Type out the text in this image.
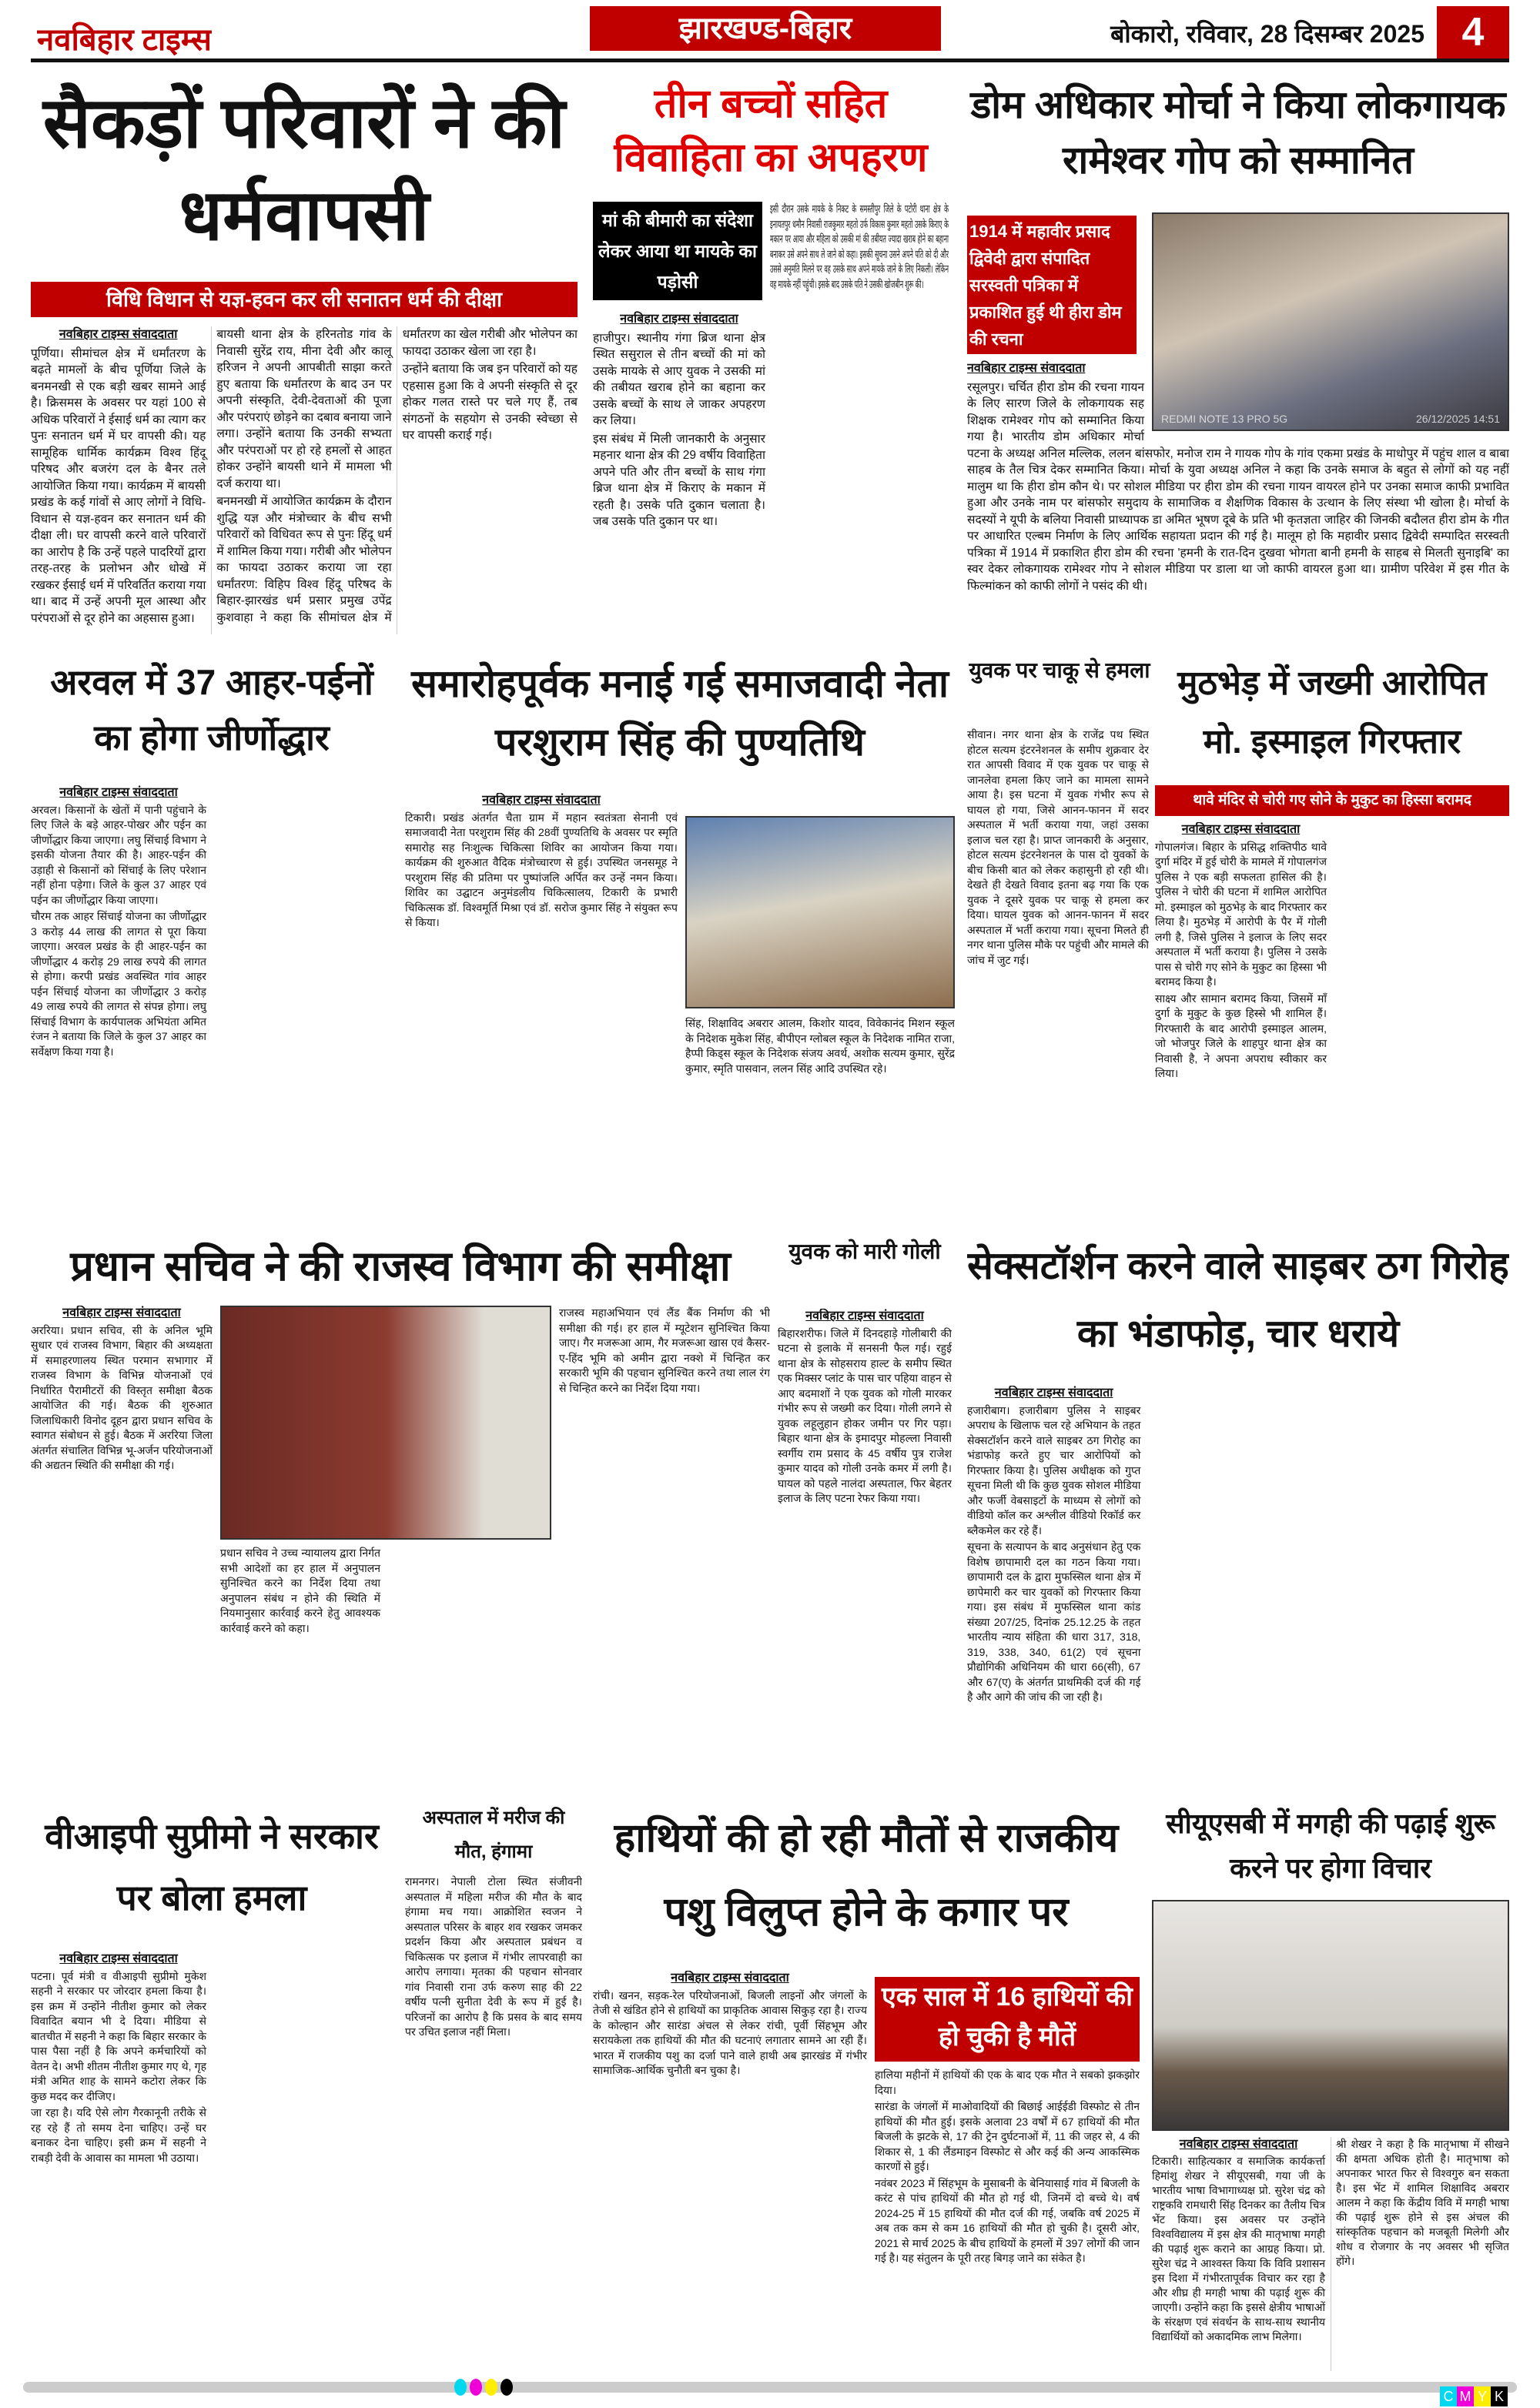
नवबिहार टाइम्स	झारखण्ड-बिहार	बोकारो, रविवार, 28 दिसम्बर 2025 4
सैकड़ों परिवारों ने की धर्मवापसी
विधि विधान से यज्ञ-हवन कर ली सनातन धर्म की दीक्षा
नवबिहार टाइम्स संवाददाता

पूर्णिया। सीमांचल क्षेत्र में धर्मांतरण के बढ़ते मामलों के बीच पूर्णिया जिले के बनमनखी से एक बड़ी खबर सामने आई है। क्रिसमस के अवसर पर यहां 100 से अधिक परिवारों ने ईसाई धर्म का त्याग कर पुनः सनातन धर्म में घर वापसी की। यह सामूहिक धार्मिक कार्यक्रम विश्व हिंदू परिषद और बजरंग दल के बैनर तले आयोजित किया गया। कार्यक्रम में बायसी प्रखंड के कई गांवों से आए लोगों ने विधि-विधान से यज्ञ-हवन कर सनातन धर्म की दीक्षा ली। घर वापसी करने वाले परिवारों का आरोप है कि उन्हें पहले पादरियों द्वारा तरह-तरह के प्रलोभन और धोखे में रखकर ईसाई धर्म में परिवर्तित कराया गया था। बाद में उन्हें अपनी मूल आस्था और परंपराओं से दूर होने का अहसास हुआ।

बायसी थाना क्षेत्र के हरिनतोड गांव के निवासी सुरेंद्र राय, मीना देवी और कालू हरिजन ने अपनी आपबीती साझा करते हुए बताया कि धर्मांतरण के बाद उन पर अपनी संस्कृति, देवी-देवताओं की पूजा और परंपराएं छोड़ने का दबाव बनाया जाने लगा। उन्होंने बताया कि उनकी सभ्यता और परंपराओं पर हो रहे हमलों से आहत होकर उन्होंने बायसी थाने में मामला भी दर्ज कराया था।

बनमनखी में आयोजित कार्यक्रम के दौरान शुद्धि यज्ञ और मंत्रोच्चार के बीच सभी परिवारों को विधिवत रूप से पुनः हिंदू धर्म में शामिल किया गया। गरीबी और भोलेपन का फायदा उठाकर कराया जा रहा धर्मांतरण: विहिप विश्व हिंदू परिषद के बिहार-झारखंड धर्म प्रसार प्रमुख उपेंद्र कुशवाहा ने कहा कि सीमांचल क्षेत्र में धर्मांतरण का खेल गरीबी और भोलेपन का फायदा उठाकर खेला जा रहा है।

उन्होंने बताया कि जब इन परिवारों को यह एहसास हुआ कि वे अपनी संस्कृति से दूर होकर गलत रास्ते पर चले गए हैं, तब संगठनों के सहयोग से उनकी स्वेच्छा से घर वापसी कराई गई।

तीन बच्चों सहित विवाहिता का अपहरण
मां की बीमारी का संदेशा लेकर आया था मायके का पड़ोसी

इसी दौरान उसके मायके के निकट के समस्तीपुर जिले के पटोरी थाना क्षेत्र के इनायतपुर धमौन निवासी राजकुमार महतो उर्फ विकास कुमार महतो उसके किराए के मकान पर आया और महिला को उसकी मां की तबीयत ज्यादा खराब होने का बहाना बनाकर उसे अपने साथ ले जाने को कहा। इसकी सूचना उसने अपने पति को दी और उससे अनुमति मिलने पर वह उसके साथ अपने मायके जाने के लिए निकली। लेकिन वह मायके नहीं पहुंची। इसके बाद उसके पति ने उसकी खोजबीन शुरू की।

नवबिहार टाइम्स संवाददाता

हाजीपुर। स्थानीय गंगा ब्रिज थाना क्षेत्र स्थित ससुराल से तीन बच्चों की मां को उसके मायके से आए युवक ने उसकी मां की तबीयत खराब होने का बहाना कर उसके बच्चों के साथ ले जाकर अपहरण कर लिया।

इस संबंध में मिली जानकारी के अनुसार महनार थाना क्षेत्र की 29 वर्षीय विवाहिता अपने पति और तीन बच्चों के साथ गंगा ब्रिज थाना क्षेत्र में किराए के मकान में रहती है। उसके पति दुकान चलाता है। जब उसके पति दुकान पर था।

डोम अधिकार मोर्चा ने किया लोकगायक रामेश्वर गोप को सम्मानित
1914 में महावीर प्रसाद द्विवेदी द्वारा संपादित सरस्वती पत्रिका में प्रकाशित हुई थी हीरा डोम की रचना
REDMI NOTE 13 PRO 5G	26/12/2025 14:51
नवबिहार टाइम्स संवाददाता

रसूलपुर। चर्चित हीरा डोम की रचना गायन के लिए सारण जिले के लोकगायक सह शिक्षक रामेश्वर गोप को सम्मानित किया गया है। भारतीय डोम अधिकार मोर्चा पटना के अध्यक्ष अनिल मल्लिक, ललन बांसफोर, मनोज राम ने गायक गोप के गांव एकमा प्रखंड के माधोपुर में पहुंच शाल व बाबा साहब के तैल चित्र देकर सम्मानित किया। मोर्चा के युवा अध्यक्ष अनिल ने कहा कि उनके समाज के बहुत से लोगों को यह नहीं मालुम था कि हीरा डोम कौन थे। पर सोशल मीडिया पर हीरा डोम की रचना गायन वायरल होने पर उनका समाज काफी प्रभावित हुआ और उनके नाम पर बांसफोर समुदाय के सामाजिक व शैक्षणिक विकास के उत्थान के लिए संस्था भी खोला है। मोर्चा के सदस्यों ने यूपी के बलिया निवासी प्राध्यापक डा अमित भूषण दूबे के प्रति भी कृतज्ञता जाहिर की जिनकी बदौलत हीरा डोम के गीत पर आधारित एल्बम निर्माण के लिए आर्थिक सहायता प्रदान की गई है। मालूम हो कि महावीर प्रसाद द्विवेदी सम्पादित सरस्वती पत्रिका में 1914 में प्रकाशित हीरा डोम की रचना 'हमनी के रात-दिन दुखवा भोगता बानी हमनी के साहब से मिलती सुनाइबि' का स्वर देकर लोकगायक रामेश्वर गोप ने सोशल मीडिया पर डाला था जो काफी वायरल हुआ था। ग्रामीण परिवेश में इस गीत के फिल्मांकन को काफी लोगों ने पसंद की थी।

अरवल में 37 आहर-पईनों का होगा जीर्णोद्धार
नवबिहार टाइम्स संवाददाता

अरवल। किसानों के खेतों में पानी पहुंचाने के लिए जिले के बड़े आहर-पोखर और पईन का जीर्णोद्धार किया जाएगा। लघु सिंचाई विभाग ने इसकी योजना तैयार की है। आहर-पईन की उड़ाही से किसानों को सिंचाई के लिए परेशान नहीं होना पड़ेगा। जिले के कुल 37 आहर एवं पईन का जीर्णोद्धार किया जाएगा।

चौरम तक आहर सिंचाई योजना का जीर्णोद्धार 3 करोड़ 44 लाख की लागत से पूरा किया जाएगा। अरवल प्रखंड के ही आहर-पईन का जीर्णोद्धार 4 करोड़ 29 लाख रुपये की लागत से होगा। करपी प्रखंड अवस्थित गांव आहर पईन सिंचाई योजना का जीर्णोद्धार 3 करोड़ 49 लाख रुपये की लागत से संपन्न होगा। लघु सिंचाई विभाग के कार्यपालक अभियंता अमित रंजन ने बताया कि जिले के कुल 37 आहर का सर्वेक्षण किया गया है।

समारोहपूर्वक मनाई गई समाजवादी नेता परशुराम सिंह की पुण्यतिथि
नवबिहार टाइम्स संवाददाता

टिकारी। प्रखंड अंतर्गत चैता ग्राम में महान स्वतंत्रता सेनानी एवं समाजवादी नेता परशुराम सिंह की 28वीं पुण्यतिथि के अवसर पर स्मृति समारोह सह निःशुल्क चिकित्सा शिविर का आयोजन किया गया। कार्यक्रम की शुरुआत वैदिक मंत्रोच्चारण से हुई। उपस्थित जनसमूह ने परशुराम सिंह की प्रतिमा पर पुष्पांजलि अर्पित कर उन्हें नमन किया। शिविर का उद्घाटन अनुमंडलीय चिकित्सालय, टिकारी के प्रभारी चिकित्सक डॉ. विश्वमूर्ति मिश्रा एवं डॉ. सरोज कुमार सिंह ने संयुक्त रूप से किया।

सिंह, शिक्षाविद अबरार आलम, किशोर यादव, विवेकानंद मिशन स्कूल के निदेशक मुकेश सिंह, बीपीएन ग्लोबल स्कूल के निदेशक नामित राजा, हैप्पी किड्स स्कूल के निदेशक संजय अवर्थ, अशोक सत्यम कुमार, सुरेंद्र कुमार, स्मृति पासवान, ललन सिंह आदि उपस्थित रहे।

युवक पर चाकू से हमला

सीवान। नगर थाना क्षेत्र के राजेंद्र पथ स्थित होटल सत्यम इंटरनेशनल के समीप शुक्रवार देर रात आपसी विवाद में एक युवक पर चाकू से जानलेवा हमला किए जाने का मामला सामने आया है। इस घटना में युवक गंभीर रूप से घायल हो गया, जिसे आनन-फानन में सदर अस्पताल में भर्ती कराया गया, जहां उसका इलाज चल रहा है। प्राप्त जानकारी के अनुसार, होटल सत्यम इंटरनेशनल के पास दो युवकों के बीच किसी बात को लेकर कहासुनी हो रही थी। देखते ही देखते विवाद इतना बढ़ गया कि एक युवक ने दूसरे युवक पर चाकू से हमला कर दिया। घायल युवक को आनन-फानन में सदर अस्पताल में भर्ती कराया गया। सूचना मिलते ही नगर थाना पुलिस मौके पर पहुंची और मामले की जांच में जुट गई।

मुठभेड़ में जख्मी आरोपित मो. इस्माइल गिरफ्तार
थावे मंदिर से चोरी गए सोने के मुकुट का हिस्सा बरामद
नवबिहार टाइम्स संवाददाता

गोपालगंज। बिहार के प्रसिद्ध शक्तिपीठ थावे दुर्गा मंदिर में हुई चोरी के मामले में गोपालगंज पुलिस ने एक बड़ी सफलता हासिल की है। पुलिस ने चोरी की घटना में शामिल आरोपित मो. इस्माइल को मुठभेड़ के बाद गिरफ्तार कर लिया है। मुठभेड़ में आरोपी के पैर में गोली लगी है, जिसे पुलिस ने इलाज के लिए सदर अस्पताल में भर्ती कराया है। पुलिस ने उसके पास से चोरी गए सोने के मुकुट का हिस्सा भी बरामद किया है।

साक्ष्य और सामान बरामद किया, जिसमें माँ दुर्गा के मुकुट के कुछ हिस्से भी शामिल हैं। गिरफ्तारी के बाद आरोपी इस्माइल आलम, जो भोजपुर जिले के शाहपुर थाना क्षेत्र का निवासी है, ने अपना अपराध स्वीकार कर लिया।

प्रधान सचिव ने की राजस्व विभाग की समीक्षा
नवबिहार टाइम्स संवाददाता

अररिया। प्रधान सचिव, सी के अनिल भूमि सुधार एवं राजस्व विभाग, बिहार की अध्यक्षता में समाहरणालय स्थित परमान सभागार में राजस्व विभाग के विभिन्न योजनाओं एवं निर्धारित पैरामीटरों की विस्तृत समीक्षा बैठक आयोजित की गई। बैठक की शुरुआत जिलाधिकारी विनोद दूहन द्वारा प्रधान सचिव के स्वागत संबोधन से हुई। बैठक में अररिया जिला अंतर्गत संचालित विभिन्न भू-अर्जन परियोजनाओं की अद्यतन स्थिति की समीक्षा की गई।

प्रधान सचिव ने उच्च न्यायालय द्वारा निर्गत सभी आदेशों का हर हाल में अनुपालन सुनिश्चित करने का निर्देश दिया तथा अनुपालन संबंध न होने की स्थिति में नियमानुसार कार्रवाई करने हेतु आवश्यक कार्रवाई करने को कहा।

राजस्व महाअभियान एवं लैंड बैंक निर्माण की भी समीक्षा की गई। हर हाल में म्यूटेशन सुनिश्चित किया जाए। गैर मजरूआ आम, गैर मजरूआ खास एवं कैसर-ए-हिंद भूमि को अमीन द्वारा नक्शे में चिन्हित कर सरकारी भूमि की पहचान सुनिश्चित करने तथा लाल रंग से चिन्हित करने का निर्देश दिया गया।

युवक को मारी गोली
नवबिहार टाइम्स संवाददाता

बिहारशरीफ। जिले में दिनदहाड़े गोलीबारी की घटना से इलाके में सनसनी फैल गई। रहुई थाना क्षेत्र के सोहसराय हाल्ट के समीप स्थित एक मिक्सर प्लांट के पास चार पहिया वाहन से आए बदमाशों ने एक युवक को गोली मारकर गंभीर रूप से जख्मी कर दिया। गोली लगने से युवक लहूलुहान होकर जमीन पर गिर पड़ा। बिहार थाना क्षेत्र के इमादपुर मोहल्ला निवासी स्वर्गीय राम प्रसाद के 45 वर्षीय पुत्र राजेश कुमार यादव को गोली उनके कमर में लगी है। घायल को पहले नालंदा अस्पताल, फिर बेहतर इलाज के लिए पटना रेफर किया गया।

सेक्सटॉर्शन करने वाले साइबर ठग गिरोह का भंडाफोड़, चार धराये
नवबिहार टाइम्स संवाददाता

हजारीबाग। हजारीबाग पुलिस ने साइबर अपराध के खिलाफ चल रहे अभियान के तहत सेक्सटॉर्शन करने वाले साइबर ठग गिरोह का भंडाफोड़ करते हुए चार आरोपियों को गिरफ्तार किया है। पुलिस अधीक्षक को गुप्त सूचना मिली थी कि कुछ युवक सोशल मीडिया और फर्जी वेबसाइटों के माध्यम से लोगों को वीडियो कॉल कर अश्लील वीडियो रिकॉर्ड कर ब्लैकमेल कर रहे हैं।

सूचना के सत्यापन के बाद अनुसंधान हेतु एक विशेष छापामारी दल का गठन किया गया। छापामारी दल के द्वारा मुफस्सिल थाना क्षेत्र में छापेमारी कर चार युवकों को गिरफ्तार किया गया। इस संबंध में मुफस्सिल थाना कांड संख्या 207/25, दिनांक 25.12.25 के तहत भारतीय न्याय संहिता की धारा 317, 318, 319, 338, 340, 61(2) एवं सूचना प्रौद्योगिकी अधिनियम की धारा 66(सी), 67 और 67(ए) के अंतर्गत प्राथमिकी दर्ज की गई है और आगे की जांच की जा रही है।

वीआइपी सुप्रीमो ने सरकार पर बोला हमला
नवबिहार टाइम्स संवाददाता

पटना। पूर्व मंत्री व वीआइपी सुप्रीमो मुकेश सहनी ने सरकार पर जोरदार हमला किया है। इस क्रम में उन्होंने नीतीश कुमार को लेकर विवादित बयान भी दे दिया। मीडिया से बातचीत में सहनी ने कहा कि बिहार सरकार के पास पैसा नहीं है कि अपने कर्मचारियों को वेतन दे। अभी शीतम नीतीश कुमार गए थे, गृह मंत्री अमित शाह के सामने कटोरा लेकर कि कुछ मदद कर दीजिए।

जा रहा है। यदि ऐसे लोग गैरकानूनी तरीके से रह रहे हैं तो समय देना चाहिए। उन्हें घर बनाकर देना चाहिए। इसी क्रम में सहनी ने राबड़ी देवी के आवास का मामला भी उठाया।

अस्पताल में मरीज की मौत, हंगामा

रामनगर। नेपाली टोला स्थित संजीवनी अस्पताल में महिला मरीज की मौत के बाद हंगामा मच गया। आक्रोशित स्वजन ने अस्पताल परिसर के बाहर शव रखकर जमकर प्रदर्शन किया और अस्पताल प्रबंधन व चिकित्सक पर इलाज में गंभीर लापरवाही का आरोप लगाया। मृतका की पहचान सोनवार गांव निवासी राना उर्फ करुण साह की 22 वर्षीय पत्नी सुनीता देवी के रूप में हुई है। परिजनों का आरोप है कि प्रसव के बाद समय पर उचित इलाज नहीं मिला।

हाथियों की हो रही मौतों से राजकीय पशु विलुप्त होने के कगार पर
नवबिहार टाइम्स संवाददाता

रांची। खनन, सड़क-रेल परियोजनाओं, बिजली लाइनों और जंगलों के तेजी से खंडित होने से हाथियों का प्राकृतिक आवास सिकुड़ रहा है। राज्य के कोल्हान और सारंडा अंचल से लेकर रांची, पूर्वी सिंहभूम और सरायकेला तक हाथियों की मौत की घटनाएं लगातार सामने आ रही हैं। भारत में राजकीय पशु का दर्जा पाने वाले हाथी अब झारखंड में गंभीर सामाजिक-आर्थिक चुनौती बन चुका है।

एक साल में 16 हाथियों की हो चुकी है मौतें

हालिया महीनों में हाथियों की एक के बाद एक मौत ने सबको झकझोर दिया।

सारंडा के जंगलों में माओवादियों की बिछाई आईईडी विस्फोट से तीन हाथियों की मौत हुई। इसके अलावा 23 वर्षों में 67 हाथियों की मौत बिजली के झटके से, 17 की ट्रेन दुर्घटनाओं में, 11 की जहर से, 4 की शिकार से, 1 की लैंडमाइन विस्फोट से और कई की अन्य आकस्मिक कारणों से हुई।

नवंबर 2023 में सिंहभूम के मुसाबनी के बेनियासाई गांव में बिजली के करंट से पांच हाथियों की मौत हो गई थी, जिनमें दो बच्चे थे। वर्ष 2024-25 में 15 हाथियों की मौत दर्ज की गई, जबकि वर्ष 2025 में अब तक कम से कम 16 हाथियों की मौत हो चुकी है। दूसरी ओर, 2021 से मार्च 2025 के बीच हाथियों के हमलों में 397 लोगों की जान गई है। यह संतुलन के पूरी तरह बिगड़ जाने का संकेत है।

सीयूएसबी में मगही की पढ़ाई शुरू करने पर होगा विचार
नवबिहार टाइम्स संवाददाता

टिकारी। साहित्यकार व समाजिक कार्यकर्त्ता हिमांशु शेखर ने सीयूएसबी, गया जी के भारतीय भाषा विभागाध्यक्ष प्रो. सुरेश चंद्र को राष्ट्रकवि रामधारी सिंह दिनकर का तैलीय चित्र भेंट किया। इस अवसर पर उन्होंने विश्वविद्यालय में इस क्षेत्र की मातृभाषा मगही की पढ़ाई शुरू कराने का आग्रह किया। प्रो. सुरेश चंद्र ने आश्वस्त किया कि विवि प्रशासन इस दिशा में गंभीरतापूर्वक विचार कर रहा है और शीघ्र ही मगही भाषा की पढ़ाई शुरू की जाएगी। उन्होंने कहा कि इससे क्षेत्रीय भाषाओं के संरक्षण एवं संवर्धन के साथ-साथ स्थानीय विद्यार्थियों को अकादमिक लाभ मिलेगा।

श्री शेखर ने कहा है कि मातृभाषा में सीखने की क्षमता अधिक होती है। मातृभाषा को अपनाकर भारत फिर से विश्वगुरु बन सकता है। इस भेंट में शामिल शिक्षाविद अबरार आलम ने कहा कि केंद्रीय विवि में मगही भाषा की पढ़ाई शुरू होने से इस अंचल की सांस्कृतिक पहचान को मजबूती मिलेगी और शोध व रोजगार के नए अवसर भी सृजित होंगे।

C M Y K
